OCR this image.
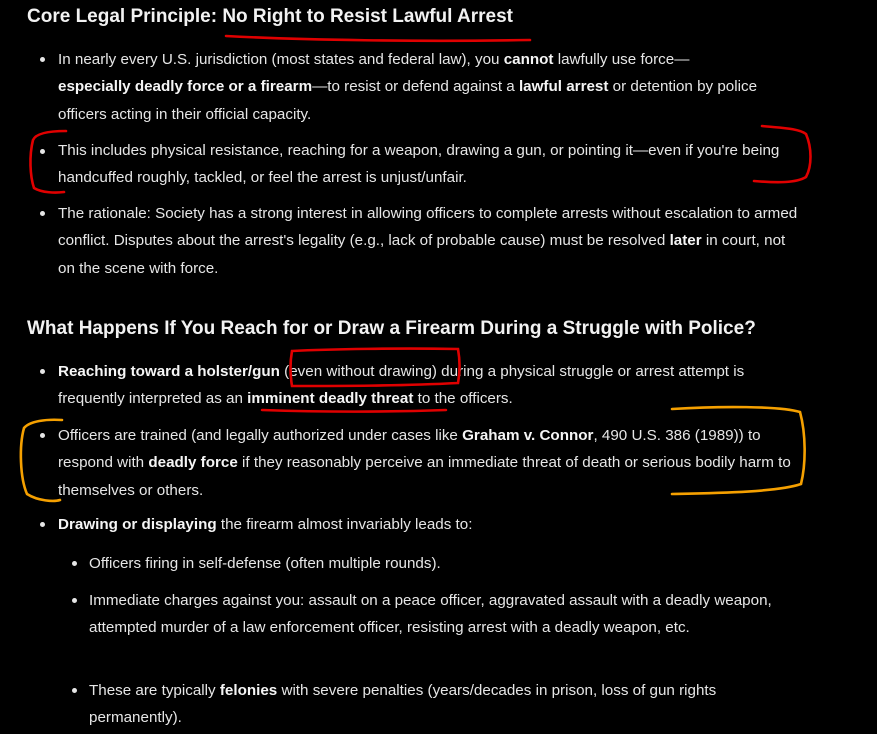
Core Legal Principle: No Right to Resist Lawful Arrest
In nearly every U.S. jurisdiction (most states and federal law), you cannot lawfully use force—
especially deadly force or a firearm—to resist or defend against a lawful arrest or detention by police officers acting in their official capacity.
This includes physical resistance, reaching for a weapon, drawing a gun, or pointing it—even if you're being handcuffed roughly, tackled, or feel the arrest is unjust/unfair.
The rationale: Society has a strong interest in allowing officers to complete arrests without escalation to armed conflict. Disputes about the arrest's legality (e.g., lack of probable cause) must be resolved later in court, not on the scene with force.
What Happens If You Reach for or Draw a Firearm During a Struggle with Police?
Reaching toward a holster/gun (even without drawing) during a physical struggle or arrest attempt is frequently interpreted as an imminent deadly threat to the officers.
Officers are trained (and legally authorized under cases like Graham v. Connor, 490 U.S. 386 (1989)) to respond with deadly force if they reasonably perceive an immediate threat of death or serious bodily harm to themselves or others.
Drawing or displaying the firearm almost invariably leads to:
Officers firing in self-defense (often multiple rounds).
Immediate charges against you: assault on a peace officer, aggravated assault with a deadly weapon, attempted murder of a law enforcement officer, resisting arrest with a deadly weapon, etc.
These are typically felonies with severe penalties (years/decades in prison, loss of gun rights permanently).
